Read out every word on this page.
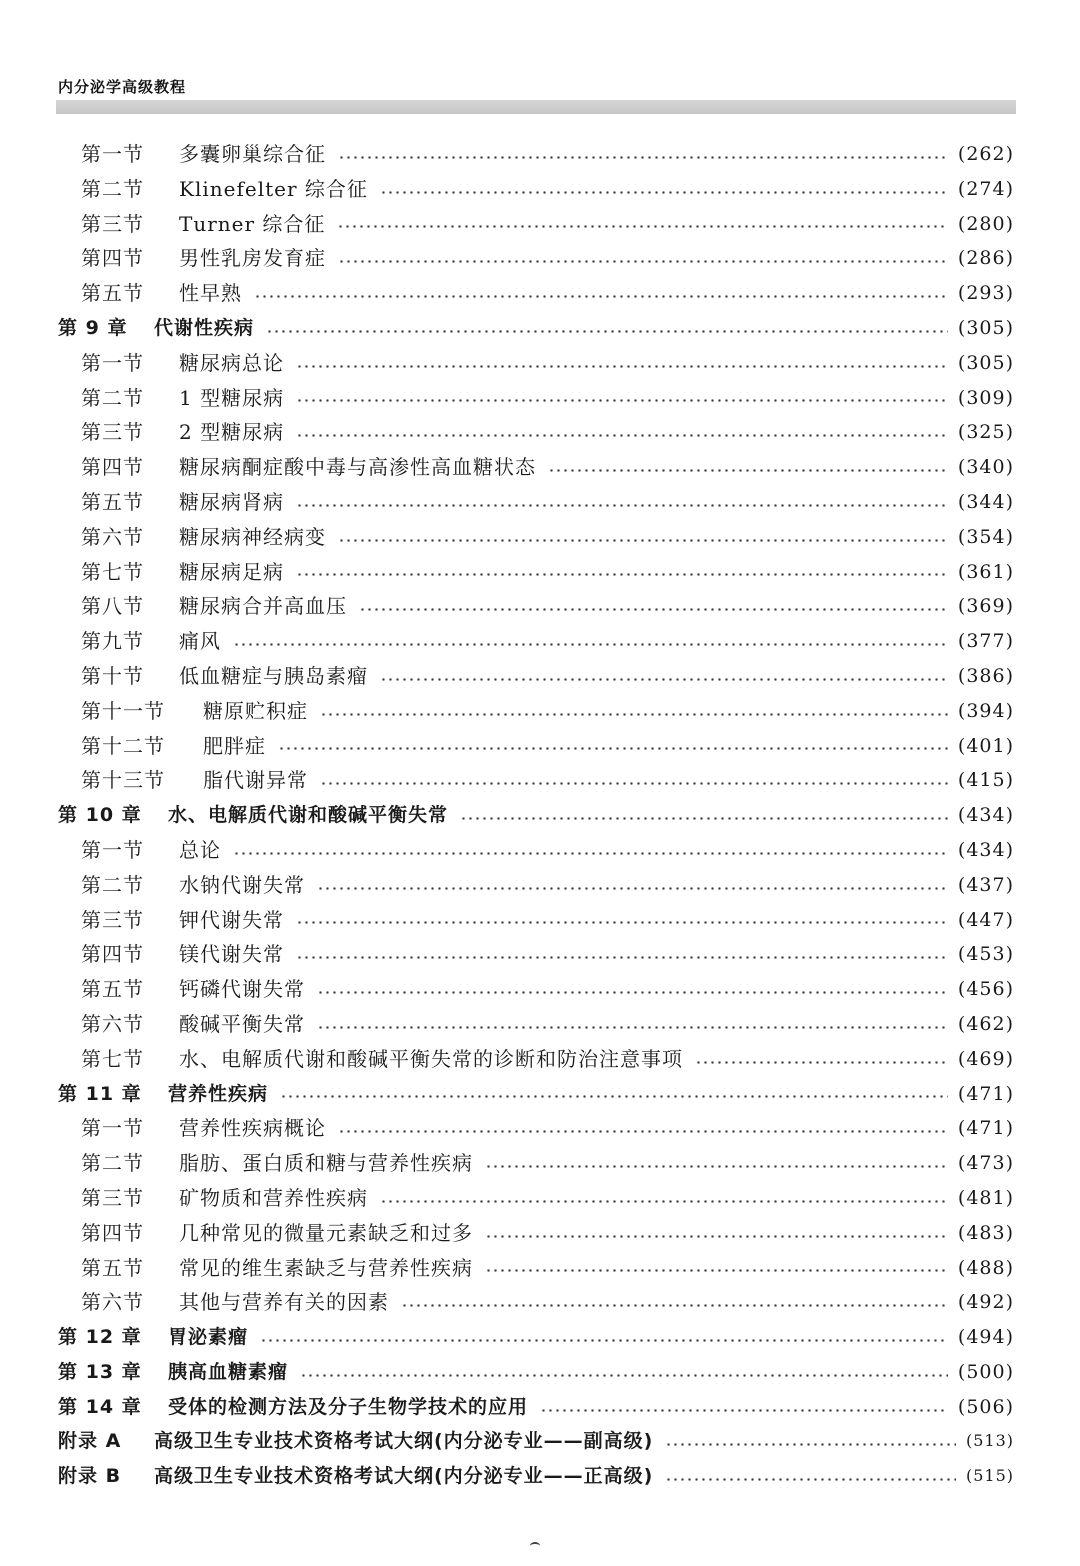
内分泌学高级教程
第一节	多囊卵巢综合征	(262)
第二节	Klinefelter 综合征	(274)
第三节	Turner 综合征	(280)
第四节	男性乳房发育症	(286)
第五节	性早熟	(293)
第 9 章	代谢性疾病	(305)
第一节	糖尿病总论	(305)
第二节	1 型糖尿病	(309)
第三节	2 型糖尿病	(325)
第四节	糖尿病酮症酸中毒与高渗性高血糖状态	(340)
第五节	糖尿病肾病	(344)
第六节	糖尿病神经病变	(354)
第七节	糖尿病足病	(361)
第八节	糖尿病合并高血压	(369)
第九节	痛风	(377)
第十节	低血糖症与胰岛素瘤	(386)
第十一节	糖原贮积症	(394)
第十二节	肥胖症	(401)
第十三节	脂代谢异常	(415)
第 10 章	水、电解质代谢和酸碱平衡失常	(434)
第一节	总论	(434)
第二节	水钠代谢失常	(437)
第三节	钾代谢失常	(447)
第四节	镁代谢失常	(453)
第五节	钙磷代谢失常	(456)
第六节	酸碱平衡失常	(462)
第七节	水、电解质代谢和酸碱平衡失常的诊断和防治注意事项	(469)
第 11 章	营养性疾病	(471)
第一节	营养性疾病概论	(471)
第二节	脂肪、蛋白质和糖与营养性疾病	(473)
第三节	矿物质和营养性疾病	(481)
第四节	几种常见的微量元素缺乏和过多	(483)
第五节	常见的维生素缺乏与营养性疾病	(488)
第六节	其他与营养有关的因素	(492)
第 12 章	胃泌素瘤	(494)
第 13 章	胰高血糖素瘤	(500)
第 14 章	受体的检测方法及分子生物学技术的应用	(506)
附录 A	高级卫生专业技术资格考试大纲(内分泌专业——副高级)	(513)
附录 B	高级卫生专业技术资格考试大纲(内分泌专业——正高级)	(515)
